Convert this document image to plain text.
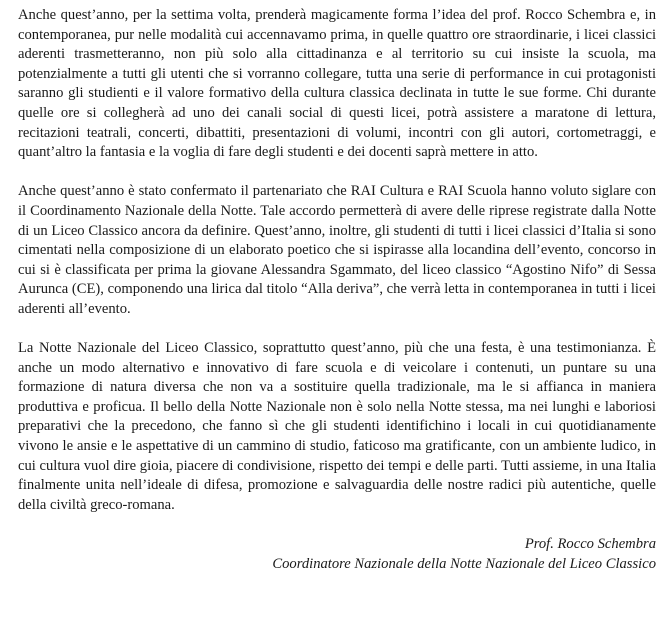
Anche quest’anno, per la settima volta, prenderà magicamente forma l’idea del prof. Rocco Schembra e, in contemporanea, pur nelle modalità cui accennavamo prima, in quelle quattro ore straordinarie, i licei classici aderenti trasmetteranno, non più solo alla cittadinanza e al territorio su cui insiste la scuola, ma potenzialmente a tutti gli utenti che si vorranno collegare, tutta una serie di performance in cui protagonisti saranno gli studienti e il valore formativo della cultura classica declinata in tutte le sue forme. Chi durante quelle ore si collegherà ad uno dei canali social di questi licei, potrà assistere a maratone di lettura, recitazioni teatrali, concerti, dibattiti, presentazioni di volumi, incontri con gli autori, cortometraggi, e quant’altro la fantasia e la voglia di fare degli studenti e dei docenti saprà mettere in atto.

Anche quest’anno è stato confermato il partenariato che RAI Cultura e RAI Scuola hanno voluto siglare con il Coordinamento Nazionale della Notte. Tale accordo permetterà di avere delle riprese registrate dalla Notte di un Liceo Classico ancora da definire. Quest’anno, inoltre, gli studenti di tutti i licei classici d’Italia si sono cimentati nella composizione di un elaborato poetico che si ispirasse alla locandina dell’evento, concorso in cui si è classificata per prima la giovane Alessandra Sgammato, del liceo classico “Agostino Nifo” di Sessa Aurunca (CE), componendo una lirica dal titolo “Alla deriva”, che verrà letta in contemporanea in tutti i licei aderenti all’evento.

La Notte Nazionale del Liceo Classico, soprattutto quest’anno, più che una festa, è una testimonianza. È anche un modo alternativo e innovativo di fare scuola e di veicolare i contenuti, un puntare su una formazione di natura diversa che non va a sostituire quella tradizionale, ma le si affianca in maniera produttiva e proficua. Il bello della Notte Nazionale non è solo nella Notte stessa, ma nei lunghi e laboriosi preparativi che la precedono, che fanno sì che gli studenti identifichino i locali in cui quotidianamente vivono le ansie e le aspettative di un cammino di studio, faticoso ma gratificante, con un ambiente ludico, in cui cultura vuol dire gioia, piacere di condivisione, rispetto dei tempi e delle parti. Tutti assieme, in una Italia finalmente unita nell’ideale di difesa, promozione e salvaguardia delle nostre radici più autentiche, quelle della civiltà greco-romana.

Prof. Rocco Schembra
Coordinatore Nazionale della Notte Nazionale del Liceo Classico
